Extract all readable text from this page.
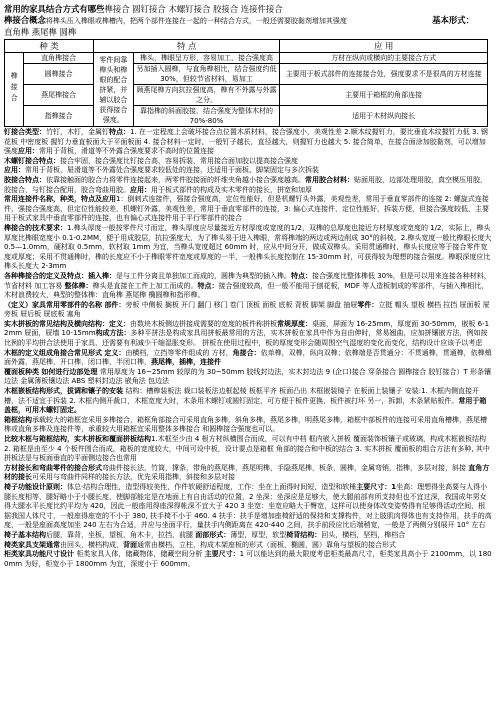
常用的家具结合方式有哪些榫接合 圆钉接合 木螺钉接合 胶接合 连接件接合
榫接合概念将榫头压入榫眼或榫槽内，把两个部件连接在一起的一种结合方式，一般还需要胶黏剂增加其强度	基本形式：

直角榫 燕尾榫 圆榫
种 类		特 点		应 用
榫接合	直角榫接合	零件间靠榫头和榫眼的配合挤紧，并辅以胶合获得接合强度。	榫头，榫眼呈方形，容易加工，接合强度高	方材在纵向或横向的主要接合方式
	圆榫接合		另加插入圆榫，与直角榫相比，结合强度约低30%，但较节省材料，易加工	主要用于板式部件的连接接合处，强度要求不是很高的方材连接
	燕尾榫接合		顾燕尾榫方向抗拉强度高，榫有不外露与外露之分。	主要用于箱框的角部连接
	指榫接合		靠指榫的斜面胶接，结合强度为整体木材的70%-80%	适用于木材纵向接长

钉接合类型：竹钉，木钉，金属钉特点：1. 在一定程度上会破坏接合点位置木质材料，接合强度小，美观性差 2.顺木纹握钉力，要比垂直木纹握钉力低 3. 钢花板 中密度板 握钉力垂直板面大于平面板面 4. 接合材料一定时，一般钉子越长，直径越大，则握钉力也越大 5. 接合简单，在接合面涂加胶黏剂，可以增加强度应用：常用于背板，滑道等不外露合强度要求不高时的位置连接

木螺钉接合特点：接合牢固，接合强度比钉接合高，容易拆装，常用接合面加胶以提高接合强度

应用：常用于背板，屉滑道等不外露处合强度要求较低处的连接，还适用于面板、脚架固定与多次拆装

胶接合特点：依靠接触面的胶合力将零件连接起来，两零件胶接面的纤维夹角越小接合强度越高。常用胶合材料：贴面用胶，边部处理用胶，真空模压用胶，胶接合，与钉接合配用，胶合弯曲用胶。应用：用于板式部件的构成及实木零件的接长，拼宽和加厚

常用连接件名称，种类，特点及应用1：倒刺式连接件，强接合强度高，定位性能好，但是机螺钉头外露，美观性差，常用于垂直零部件的连接 2: 螺旋式连接件，强接合强度高，但定位性能较差，机螺钉外露，美观性差，常用于垂直零部件的连接，3: 偏心式连接件，定位性能好，拆装方便，但接合强度较低，主要用于板式家具中垂直零部件的连接，也有偏心式连接件用于平行零部件的接合

榫接合的技术要求：1.榫头厚度一般按零件尺寸而定，榫头厚度应尽量接近方材厚度或宽度的1/2，双榫的总厚度也接近方材厚度或宽度的 1/2，实际上，榫头厚度比榫眼宽度小 0.1-0.2MM，便于用成胶层，抗拉强度大，为了榫头易于进入榫眼，常将榫端的两边或两边削成 30°的斜棱。2.榫头宽度一般比榫眼长度大 0.5—1.0mm，硬材取 0.5mm，软材取 1mm 为宜，当榫头宽度超过 60mm 时，应从中间分开，做成双榫头。采用贯通榫时，榫头长度应等于接合零件宽度或厚度；采用不贯通榫时，榫的长度应不小于榫眼零件宽度或厚度的一半，一般榫头长度控制在 15-30mm 时，可获得较为理想的接合强度。榫眼深度应比榫头长度大 2-3mm

各种榫接合的定义及特点：插入榫：是与工件分离且单独加工而成的，圆榫为典型的插入榫。特点：接合强度比整体榫低 30%，但是可以用来连接各种材料，节省材料 加工容易 整体榫：榫头是直接在工件上加工而成的。特点：接合强度较高，但一般不能用于刨花板，MDF 等人造板制成的零部件，与插入榫相比，木材浪费较大，典型的整体榫：直角榫 燕尾榫 椭圆榫和指形榫。

（定义）家具常用零部件的名称 部件：旁板 中侧板 搁板 开门 翻门 移门 卷门 顶板 面板 底板 背板 脚架 脚盘 抽屉零件：立挺 帽头 望板 横档 拉挡 屉面板 屉旁板 屉后板 屉底板 塞角

实木拼板的常见结构及横向结构：定义：由数块木板侧边拼接成需要的宽度的板件称拼板常规厚度：桌面，屏面为 16-25mm，厚度面 30-50mm，嵌板 6-12mm 屉面，屉墙 10-15mm构成方法：多种平拼法是构成家具用拼板最常用的方法，实木拼板在家具中作为自由伸时，常易翘曲，应加拼镶嵌方法，例如按比例的平均拼合法使用于家具，还需要有利减少干缩湿胀变形。 拼板在使用过程中，板的厚度变形会随周围空气湿度的变化而变化，结构设计应该予以考虑

木框的定义组成角接合常见形式 定义：由横档，立挡等零件组成的 方材，角接合：依单榫，双榫，纵向双榫；依榫端是否贯通分：不贯通榫，贯通榫，依榫頰面外露，燕尾榫，开口榫，闭口榫，半闭口榫，燕尾榫，插榫，连接件

覆面板种类 如何进行边部处理 常用厚度为 16~25mm 较厚的为 30~50mm 胶线封边法，实木封边法 9 (企口)接合 穿条接合 圆榫接合 胶钉接合）T 形条镶边法 金属薄板镶边法 ABS 塑料封边法 嵌角法 包边法

木框嵌板结构形式，拔调和镶子的安装 结构：槽榫装板法 裁口装板法边框起棱 板框平齐 板面凸出 木框嵌装镜子 在板面上装镶子 安装:1. 木框内侧直接开槽，法不适宜于拆装 2. 木框内侧开裁口，木框宽度大时，木条用木螺钉或圆钉固定，可方便于板件更换，板件被打坏 另一，拆卸，木条紧贴板件。常用于箱盖框，可用木螺钉固定。

箱框结构承载较大的箱框宜采用多榫接合，箱框角部接合可采用直角多榫，斜角多榫，燕尾多榫，明燕尾多榫，箱框中部板件的连接可采用直角槽榫，燕尾槽榫或直角多榫及连接件等，承重较大用箱框宜采用整体多榫接合 和圆榫接合强度也可以。

比较木框与箱框结构，实木拼板和覆面拼板结构1.木框至少由 4 根方材纵横围合而成，可以有中档 框内嵌入拼板 覆面装饰板镶子或玻璃，构成木框嵌板结构 2. 箱框是由至少 4 个板件围合而成，箱板的宽度较大，中间可设中板，设计要点是箱框 角部的接合和中板的结合 3. 实木拼板 覆面板的组合方法有多种, 其中 拼板法是与板面垂直的平面侧边接合也常用

方材接长和弯曲零件的接合形式弯曲件接长法，竹筒，撑条，带角的燕尾榫，燕尾明榫，手隐燕尾榫，板条，圆榫，金属弯销，指榫，多层对接，斜接 直角方材的接长可采用与弯曲件同样的接长方法，优先采用指榫，斜接和多层对接

椅子功能设计原则：体总·结构合理性，造型得较美性，作件软硬舒适程度，工作：坐在上面得时间短，造型和软棰主要尺寸：1坐高：理想得坐高要与人得小腿长度相等，腿好略小于小腿长度，使脚部能定是在地面上有自由活动的位置，2 坐深：坐深应是足够大，使大腿前部有所支持但也不宜过深，我国成年男女得大腿水平长度比约平均为 420，因此一般座用得座深得帐深不宜大于 420 3 坐宽：坐宽应略大于臀宽，这样可以使身体改变姿势得有足够得活动空间，根据我国人体尺寸，一般座得座宽的不小于 380, 扶手椅不小于 460. 4 扶手：扶手是增加座椅舒适的保持和支撑构件，对上肢肌肉得体也有支持作用，扶手的高度，一般是座面高度加坐 240 左右为合适，并应与坐面平行，量扶手内侧距离在 420-440 之间，扶手前段应比后端稍宽，一般是了两侧分别展开 10° 左右

椅子基本结构后腿，靠背，坐板，望板，角木卡，拉挡，前腿 面部形式：薄型，厚型，软型椅背结构：回头，横档，坚档，榫档合

椅类家具支架通常由回头，横档构成，背面通常由横档，立柱，构成木架座板的形式（面板，椭圆，圆）靠角与望板的接合形式

柜类家具功能尺寸设计 柜类家具人体，储藏物体，储藏空间分析 主要尺寸：1 可以能达到的最大限度考虑柜类最高尺寸，柜类家具高小于 2100mm，以 1800mm 为好，柜宽小于 1800mm 为宜，深度小于 600mm。
